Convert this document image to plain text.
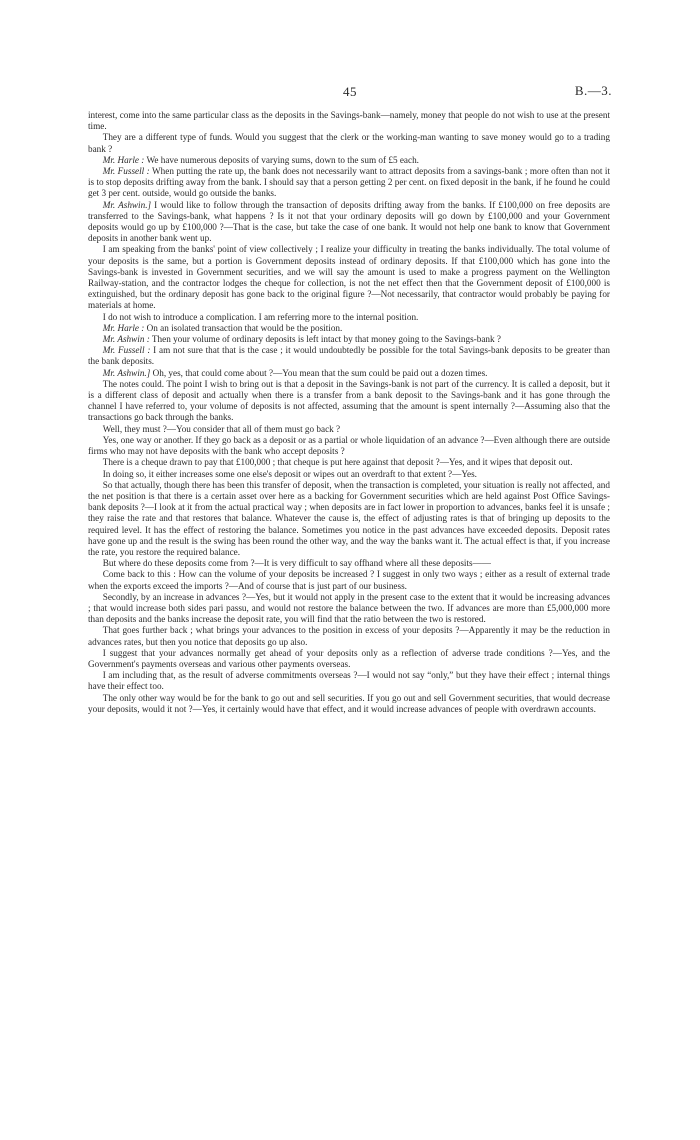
45	B.—3.

interest, come into the same particular class as the deposits in the Savings-bank—namely, money that people do not wish to use at the present time.

They are a different type of funds. Would you suggest that the clerk or the working-man wanting to save money would go to a trading bank ?

Mr. Harle : We have numerous deposits of varying sums, down to the sum of £5 each.

Mr. Fussell : When putting the rate up, the bank does not necessarily want to attract deposits from a savings-bank ; more often than not it is to stop deposits drifting away from the bank. I should say that a person getting 2 per cent. on fixed deposit in the bank, if he found he could get 3 per cent. outside, would go outside the banks.

Mr. Ashwin.] I would like to follow through the transaction of deposits drifting away from the banks. If £100,000 on free deposits are transferred to the Savings-bank, what happens ? Is it not that your ordinary deposits will go down by £100,000 and your Government deposits would go up by £100,000 ?—That is the case, but take the case of one bank. It would not help one bank to know that Government deposits in another bank went up.

I am speaking from the banks' point of view collectively ; I realize your difficulty in treating the banks individually. The total volume of your deposits is the same, but a portion is Government deposits instead of ordinary deposits. If that £100,000 which has gone into the Savings-bank is invested in Government securities, and we will say the amount is used to make a progress payment on the Wellington Railway-station, and the contractor lodges the cheque for collection, is not the net effect then that the Government deposit of £100,000 is extinguished, but the ordinary deposit has gone back to the original figure ?—Not necessarily, that contractor would probably be paying for materials at home.

I do not wish to introduce a complication. I am referring more to the internal position.

Mr. Harle : On an isolated transaction that would be the position.

Mr. Ashwin : Then your volume of ordinary deposits is left intact by that money going to the Savings-bank ?

Mr. Fussell : I am not sure that that is the case ; it would undoubtedly be possible for the total Savings-bank deposits to be greater than the bank deposits.

Mr. Ashwin.] Oh, yes, that could come about ?—You mean that the sum could be paid out a dozen times.

The notes could. The point I wish to bring out is that a deposit in the Savings-bank is not part of the currency. It is called a deposit, but it is a different class of deposit and actually when there is a transfer from a bank deposit to the Savings-bank and it has gone through the channel I have referred to, your volume of deposits is not affected, assuming that the amount is spent internally ?—Assuming also that the transactions go back through the banks.

Well, they must ?—You consider that all of them must go back ?

Yes, one way or another. If they go back as a deposit or as a partial or whole liquidation of an advance ?—Even although there are outside firms who may not have deposits with the bank who accept deposits ?

There is a cheque drawn to pay that £100,000 ; that cheque is put here against that deposit ?—Yes, and it wipes that deposit out.

In doing so, it either increases some one else's deposit or wipes out an overdraft to that extent ?—Yes.

So that actually, though there has been this transfer of deposit, when the transaction is completed, your situation is really not affected, and the net position is that there is a certain asset over here as a backing for Government securities which are held against Post Office Savings-bank deposits ?—I look at it from the actual practical way ; when deposits are in fact lower in proportion to advances, banks feel it is unsafe ; they raise the rate and that restores that balance. Whatever the cause is, the effect of adjusting rates is that of bringing up deposits to the required level. It has the effect of restoring the balance. Sometimes you notice in the past advances have exceeded deposits. Deposit rates have gone up and the result is the swing has been round the other way, and the way the banks want it. The actual effect is that, if you increase the rate, you restore the required balance.

But where do these deposits come from ?—It is very difficult to say offhand where all these deposits——

Come back to this : How can the volume of your deposits be increased ? I suggest in only two ways ; either as a result of external trade when the exports exceed the imports ?—And of course that is just part of our business.

Secondly, by an increase in advances ?—Yes, but it would not apply in the present case to the extent that it would be increasing advances ; that would increase both sides pari passu, and would not restore the balance between the two. If advances are more than £5,000,000 more than deposits and the banks increase the deposit rate, you will find that the ratio between the two is restored.

That goes further back ; what brings your advances to the position in excess of your deposits ?—Apparently it may be the reduction in advances rates, but then you notice that deposits go up also.

I suggest that your advances normally get ahead of your deposits only as a reflection of adverse trade conditions ?—Yes, and the Government's payments overseas and various other payments overseas.

I am including that, as the result of adverse commitments overseas ?—I would not say “only,” but they have their effect ; internal things have their effect too.

The only other way would be for the bank to go out and sell securities. If you go out and sell Government securities, that would decrease your deposits, would it not ?—Yes, it certainly would have that effect, and it would increase advances of people with overdrawn accounts.
